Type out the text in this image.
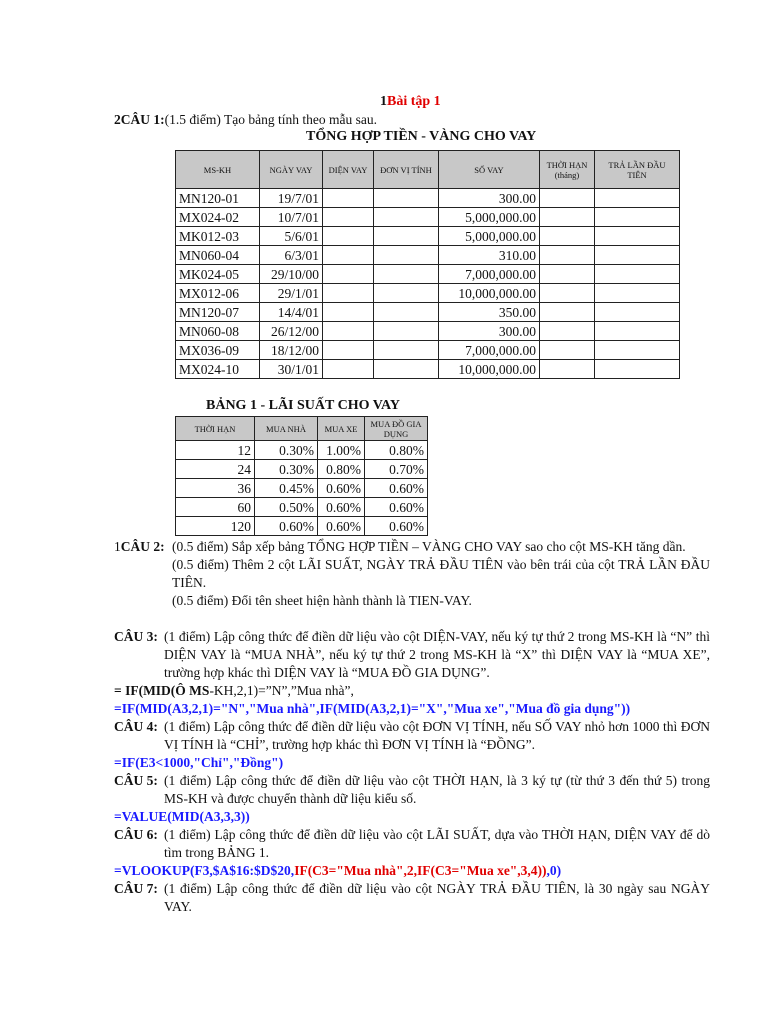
1Bài tập 1
2CÂU 1:(1.5 điểm) Tạo bảng tính theo mẫu sau.
TỔNG HỢP TIỀN - VÀNG CHO VAY
MS-KH	NGÀY VAY	DIỆN VAY	ĐƠN VỊ TÍNH	SỐ VAY	THỜI HẠN (tháng)	TRẢ LẦN ĐẦU TIÊN
MN120-01	19/7/01			300.00		
MX024-02	10/7/01			5,000,000.00		
MK012-03	5/6/01			5,000,000.00		
MN060-04	6/3/01			310.00		
MK024-05	29/10/00			7,000,000.00		
MX012-06	29/1/01			10,000,000.00		
MN120-07	14/4/01			350.00		
MN060-08	26/12/00			300.00		
MX036-09	18/12/00			7,000,000.00		
MX024-10	30/1/01			10,000,000.00		
BẢNG 1 - LÃI SUẤT CHO VAY
THỜI HẠN	MUA NHÀ	MUA XE	MUA ĐỒ GIA DỤNG
12	0.30%	1.00%	0.80%
24	0.30%	0.80%	0.70%
36	0.45%	0.60%	0.60%
60	0.50%	0.60%	0.60%
120	0.60%	0.60%	0.60%
1CÂU 2: (0.5 điểm) Sắp xếp bảng TỔNG HỢP TIỀN – VÀNG CHO VAY sao cho cột MS-KH tăng dần.
(0.5 điểm) Thêm 2 cột LÃI SUẤT, NGÀY TRẢ ĐẦU TIÊN vào bên trái của cột TRẢ LẦN ĐẦU TIÊN.
(0.5 điểm) Đổi tên sheet hiện hành thành là TIEN-VAY.
CÂU 3: (1 điểm) Lập công thức để điền dữ liệu vào cột DIỆN-VAY, nếu ký tự thứ 2 trong MS-KH là “N” thì DIỆN VAY là “MUA NHÀ”, nếu ký tự thứ 2 trong MS-KH là “X” thì DIỆN VAY là “MUA XE”, trường hợp khác thì DIỆN VAY là “MUA ĐỒ GIA DỤNG”.
= IF(MID(Ô MS-KH,2,1)=”N”,”Mua nhà”,
=IF(MID(A3,2,1)="N","Mua nhà",IF(MID(A3,2,1)="X","Mua xe","Mua đồ gia dụng"))
CÂU 4: (1 điểm) Lập công thức để điền dữ liệu vào cột ĐƠN VỊ TÍNH, nếu SỐ VAY nhỏ hơn 1000 thì ĐƠN VỊ TÍNH là “CHỈ”, trường hợp khác thì ĐƠN VỊ TÍNH là “ĐỒNG”.
=IF(E3<1000,"Chỉ","Đồng")
CÂU 5: (1 điểm) Lập công thức để điền dữ liệu vào cột THỜI HẠN, là 3 ký tự (từ thứ 3 đến thứ 5) trong MS-KH và được chuyển thành dữ liệu kiểu số.
=VALUE(MID(A3,3,3))
CÂU 6: (1 điểm) Lập công thức để điền dữ liệu vào cột LÃI SUẤT, dựa vào THỜI HẠN, DIỆN VAY để dò tìm trong BẢNG 1.
=VLOOKUP(F3,$A$16:$D$20,IF(C3="Mua nhà",2,IF(C3="Mua xe",3,4)),0)
CÂU 7: (1 điểm) Lập công thức để điền dữ liệu vào cột NGÀY TRẢ ĐẦU TIÊN, là 30 ngày sau NGÀY VAY.
